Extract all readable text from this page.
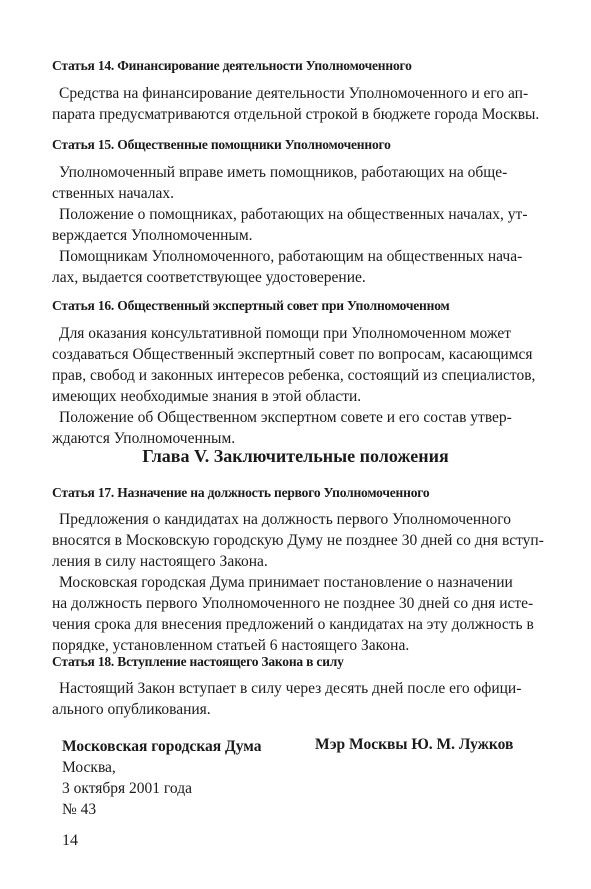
Статья 14. Финансирование деятельности Уполномоченного

Средства на финансирование деятельности Уполномоченного и его ап-
парата предусматриваются отдельной строкой в бюджете города Москвы.

Статья 15. Общественные помощники Уполномоченного

Уполномоченный вправе иметь помощников, работающих на обще-
ственных началах.

Положение о помощниках, работающих на общественных началах, ут-
верждается Уполномоченным.

Помощникам Уполномоченного, работающим на общественных нача-
лах, выдается соответствующее удостоверение.

Статья 16. Общественный экспертный совет при Уполномоченном

Для оказания консультативной помощи при Уполномоченном может
создаваться Общественный экспертный совет по вопросам, касающимся
прав, свобод и законных интересов ребенка, состоящий из специалистов,
имеющих необходимые знания в этой области.

Положение об Общественном экспертном совете и его состав утвер-
ждаются Уполномоченным.

Глава V. Заключительные положения
Статья 17. Назначение на должность первого Уполномоченного

Предложения о кандидатах на должность первого Уполномоченного
вносятся в Московскую городскую Думу не позднее 30 дней со дня вступ-
ления в силу настоящего Закона.

Московская городская Дума принимает постановление о назначении
на должность первого Уполномоченного не позднее 30 дней со дня исте-
чения срока для внесения предложений о кандидатах на эту должность в
порядке, установленном статьей 6 настоящего Закона.

Статья 18. Вступление настоящего Закона в силу

Настоящий Закон вступает в силу через десять дней после его офици-
ального опубликования.

Московская городская Дума
Москва,
3 октября 2001 года
№ 43
Мэр Москвы Ю. М. Лужков
14
